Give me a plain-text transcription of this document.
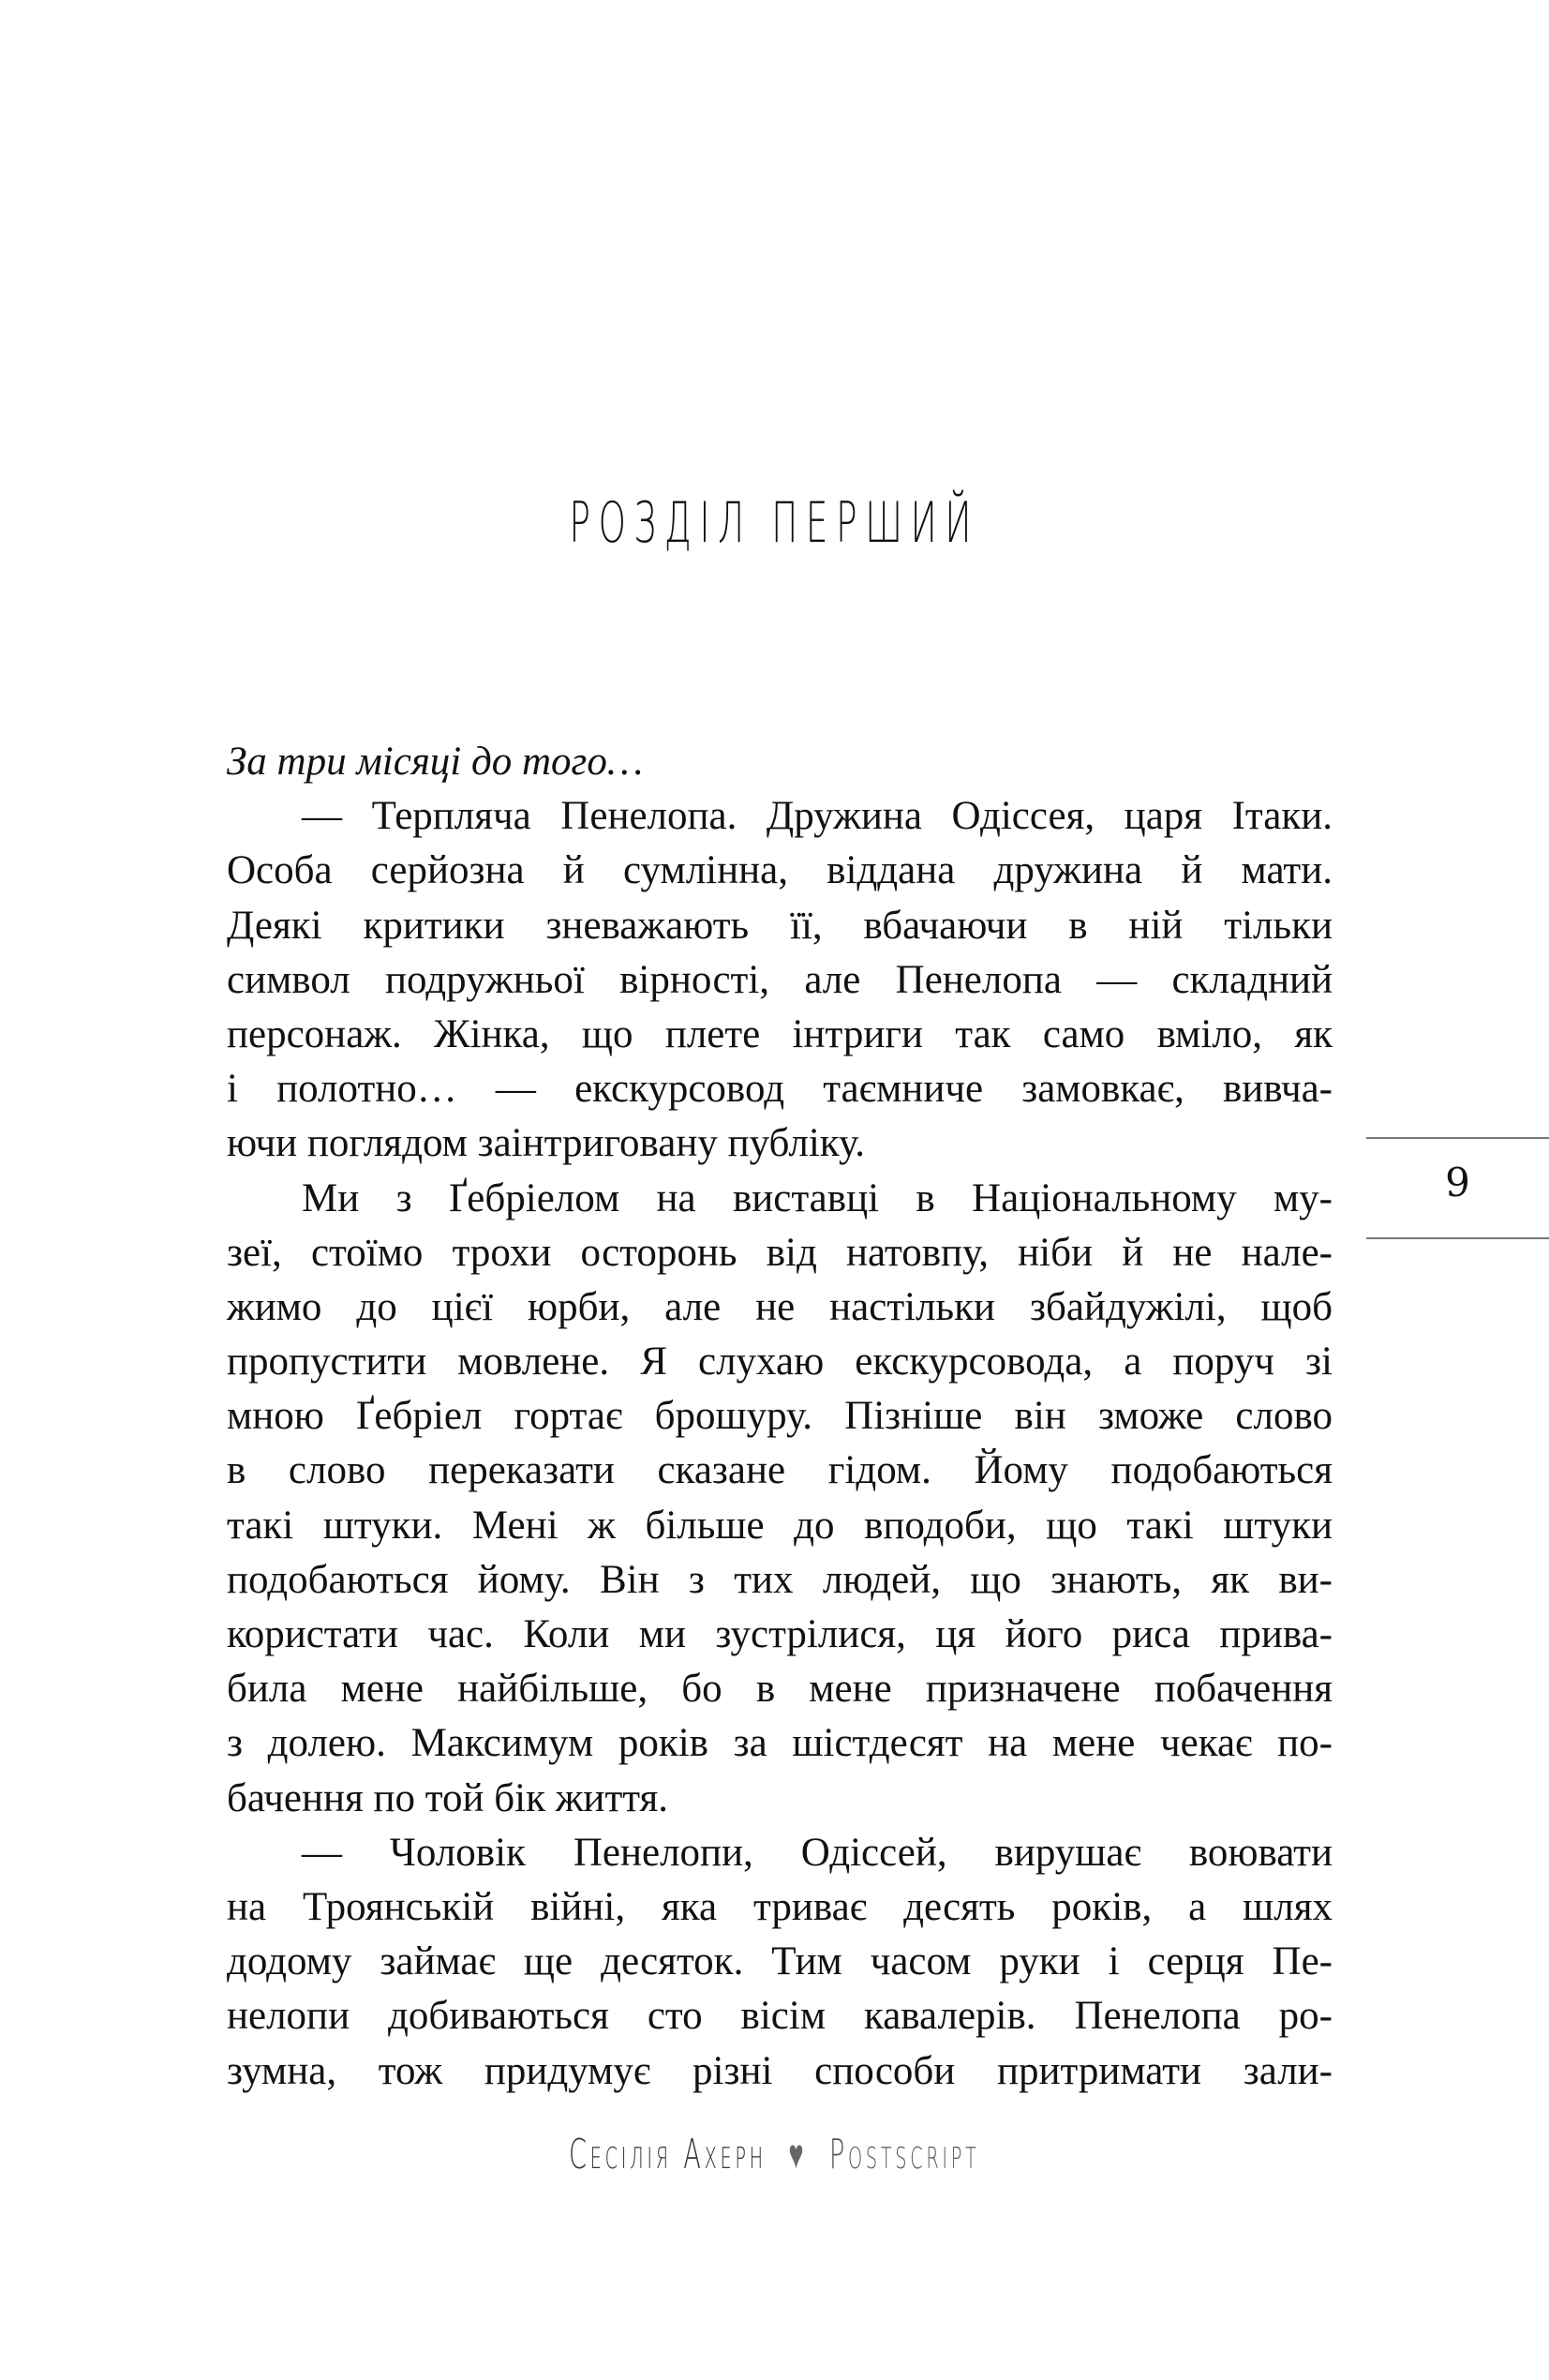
РОЗДІЛ ПЕРШИЙ
За три місяці до того…
— Терпляча Пенелопа. Дружина Одіссея, царя Ітаки.
Особа серйозна й сумлінна, віддана дружина й мати.
Деякі критики зневажають її, вбачаючи в ній тільки
символ подружньої вірності, але Пенелопа — складний
персонаж. Жінка, що плете інтриги так само вміло, як
і полотно… — екскурсовод таємниче замовкає, вивча-
ючи поглядом заінтриговану публіку.
Ми з Ґебріелом на виставці в Національному му-
зеї, стоїмо трохи осторонь від натовпу, ніби й не нале-
жимо до цієї юрби, але не настільки збайдужілі, щоб
пропустити мовлене. Я слухаю екскурсовода, а поруч зі
мною Ґебріел гортає брошуру. Пізніше він зможе слово
в слово переказати сказане гідом. Йому подобаються
такі штуки. Мені ж більше до вподоби, що такі штуки
подобаються йому. Він з тих людей, що знають, як ви-
користати час. Коли ми зустрілися, ця його риса прива-
била мене найбільше, бо в мене призначене побачення
з долею. Максимум років за шістдесят на мене чекає по-
бачення по той бік життя.
— Чоловік Пенелопи, Одіссей, вирушає воювати
на Троянській війні, яка триває десять років, а шлях
додому займає ще десяток. Тим часом руки і серця Пе-
нелопи добиваються сто вісім кавалерів. Пенелопа ро-
зумна, тож придумує різні способи притримати зали-
9
Сесілія Ахерн ♥ Postscript
